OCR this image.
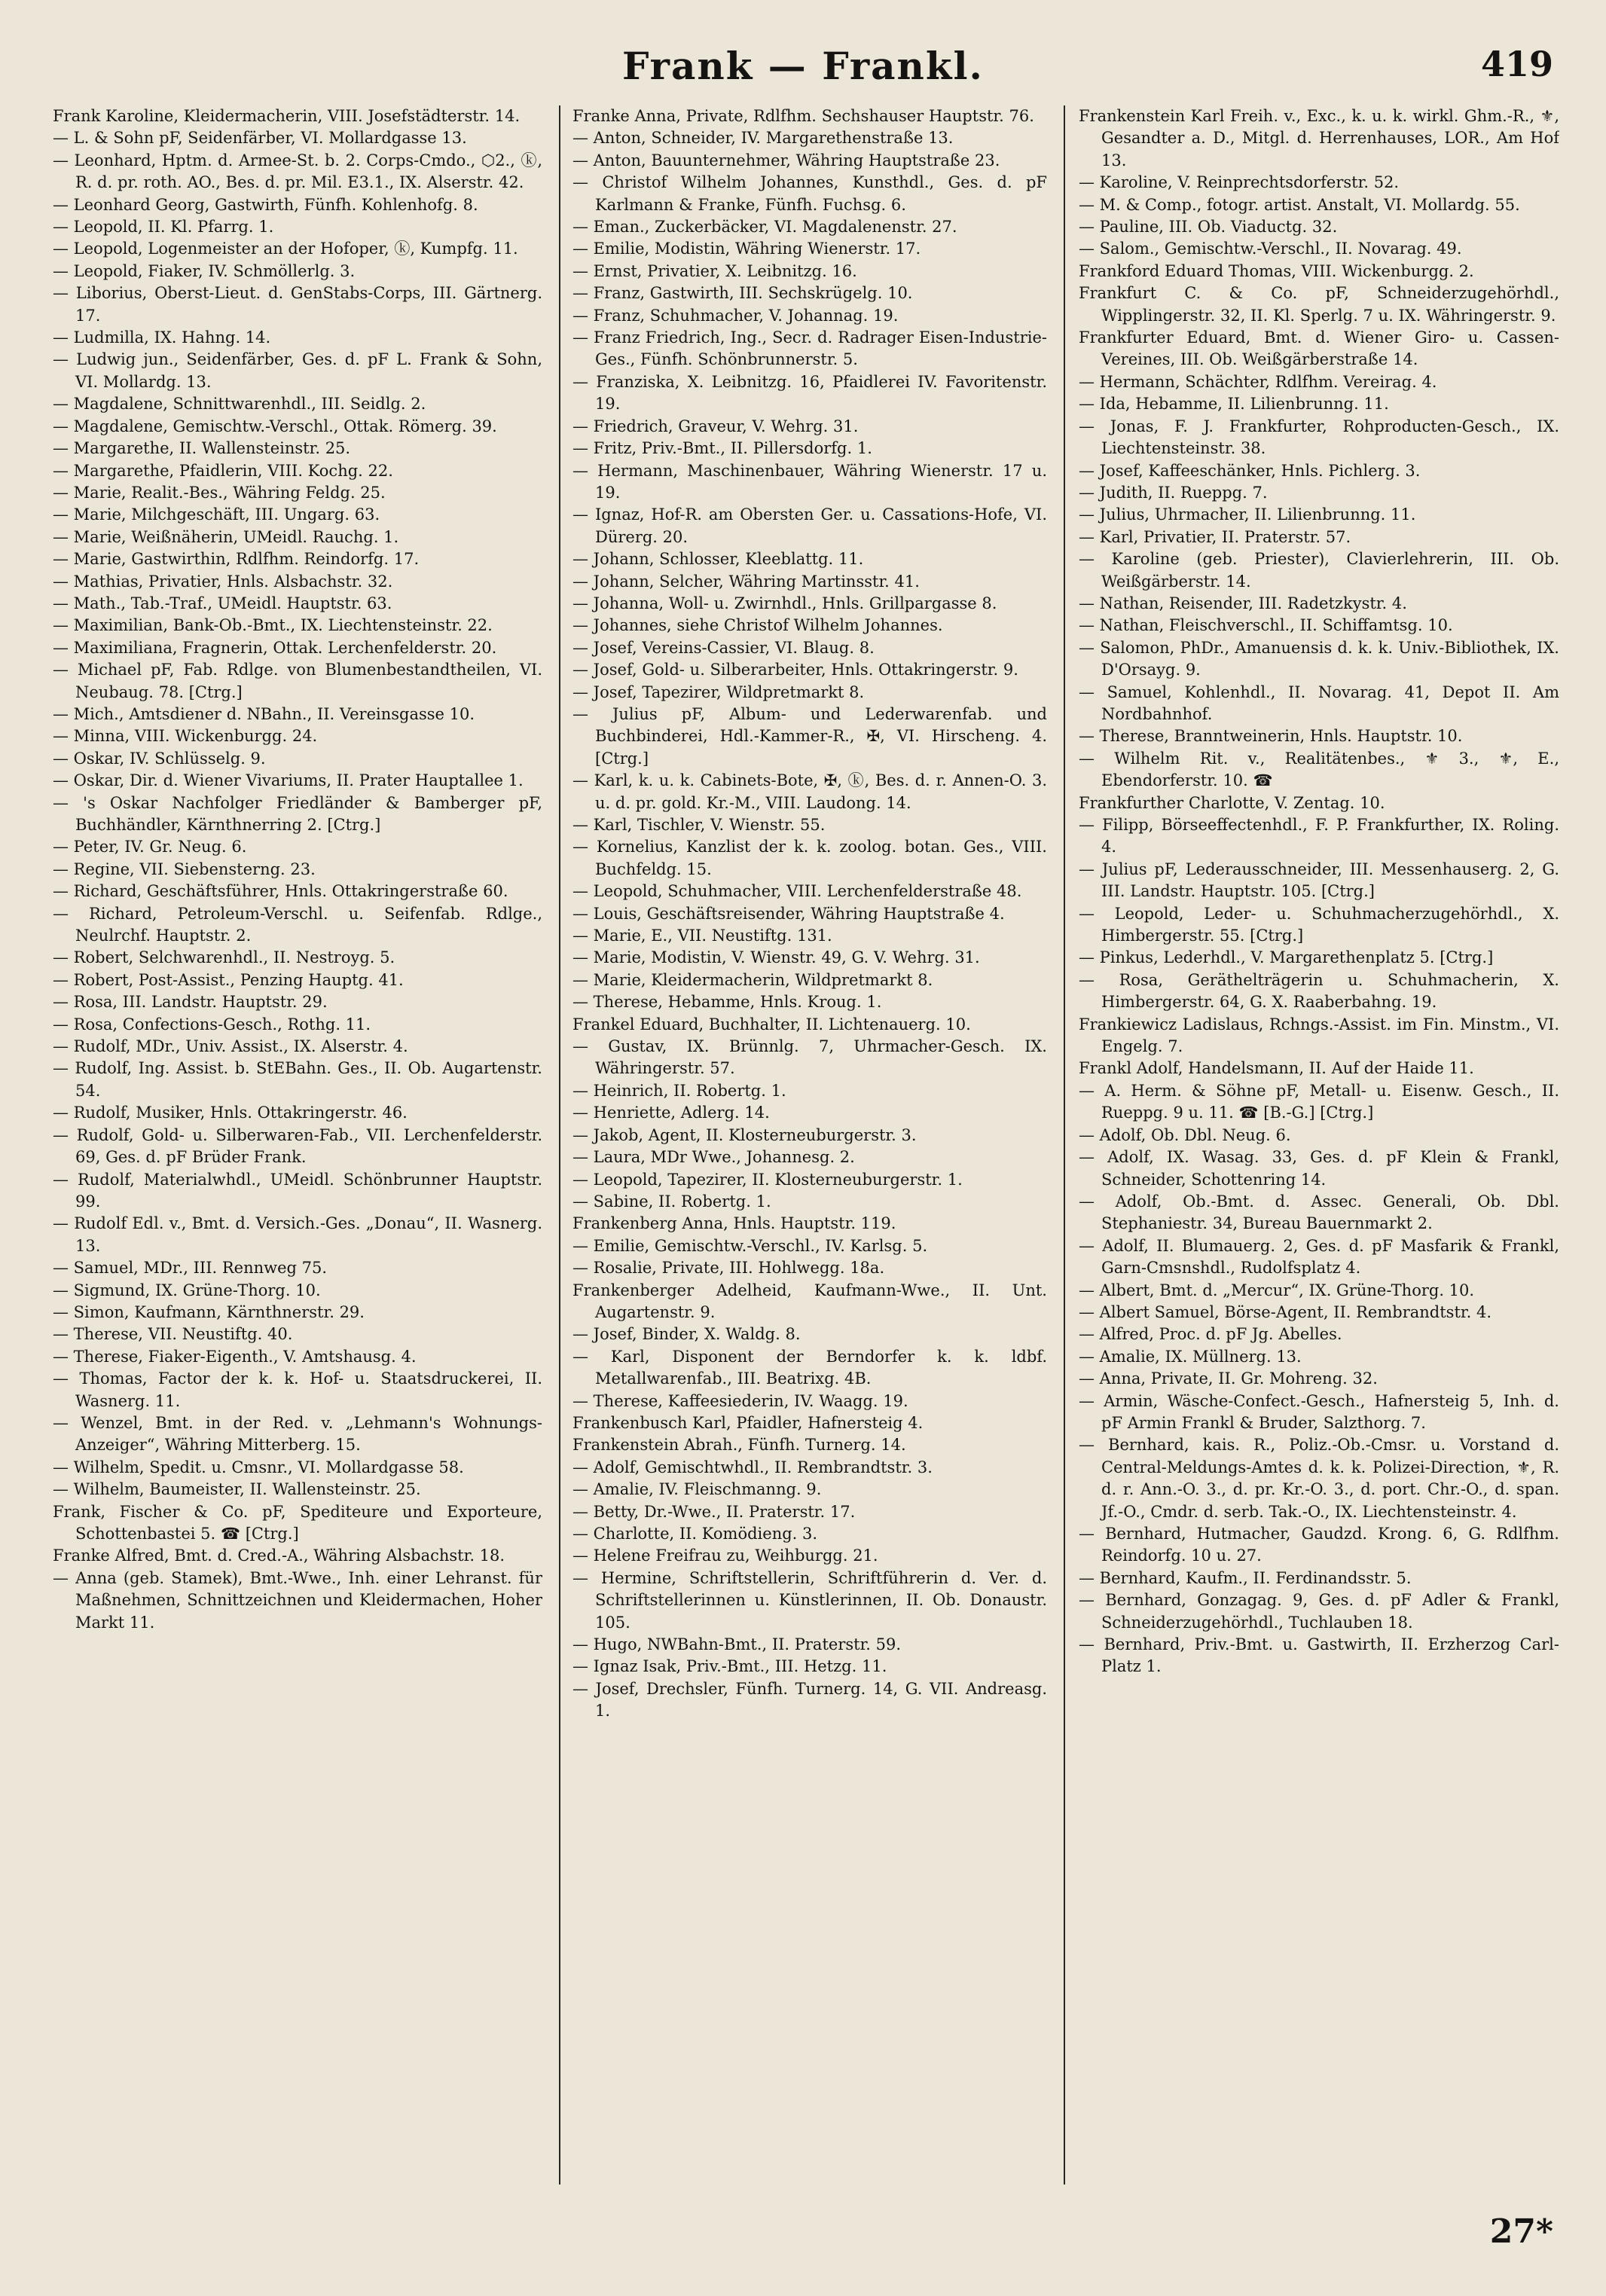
Frank — Frankl.	419
Frank Karoline, Kleidermacherin, VIII. Josefstädterstr. 14.
— L. & Sohn pF, Seidenfärber, VI. Mollardgasse 13.
— Leonhard, Hptm. d. Armee-St. b. 2. Corps-Cmdo., ⬡2., ⓚ, R. d. pr. roth. AO., Bes. d. pr. Mil. E3.1., IX. Alserstr. 42.
— Leonhard Georg, Gastwirth, Fünfh. Kohlenhofg. 8.
— Leopold, II. Kl. Pfarrg. 1.
— Leopold, Logenmeister an der Hofoper, ⓚ, Kumpfg. 11.
— Leopold, Fiaker, IV. Schmöllerlg. 3.
— Liborius, Oberst-Lieut. d. GenStabs-Corps, III. Gärtnerg. 17.
— Ludmilla, IX. Hahng. 14.
— Ludwig jun., Seidenfärber, Ges. d. pF L. Frank & Sohn, VI. Mollardg. 13.
— Magdalene, Schnittwarenhdl., III. Seidlg. 2.
— Magdalene, Gemischtw.-Verschl., Ottak. Römerg. 39.
— Margarethe, II. Wallensteinstr. 25.
— Margarethe, Pfaidlerin, VIII. Kochg. 22.
— Marie, Realit.-Bes., Währing Feldg. 25.
— Marie, Milchgeschäft, III. Ungarg. 63.
— Marie, Weißnäherin, UMeidl. Rauchg. 1.
— Marie, Gastwirthin, Rdlfhm. Reindorfg. 17.
— Mathias, Privatier, Hnls. Alsbachstr. 32.
— Math., Tab.-Traf., UMeidl. Hauptstr. 63.
— Maximilian, Bank-Ob.-Bmt., IX. Liechtensteinstr. 22.
— Maximiliana, Fragnerin, Ottak. Lerchenfelderstr. 20.
— Michael pF, Fab. Rdlge. von Blumenbestandtheilen, VI. Neubaug. 78. [Ctrg.]
— Mich., Amtsdiener d. NBahn., II. Vereinsgasse 10.
— Minna, VIII. Wickenburgg. 24.
— Oskar, IV. Schlüsselg. 9.
— Oskar, Dir. d. Wiener Vivariums, II. Prater Hauptallee 1.
— 's Oskar Nachfolger Friedländer & Bamberger pF, Buchhändler, Kärnthnerring 2. [Ctrg.]
— Peter, IV. Gr. Neug. 6.
— Regine, VII. Siebensterng. 23.
— Richard, Geschäftsführer, Hnls. Ottakringerstraße 60.
— Richard, Petroleum-Verschl. u. Seifenfab. Rdlge., Neulrchf. Hauptstr. 2.
— Robert, Selchwarenhdl., II. Nestroyg. 5.
— Robert, Post-Assist., Penzing Hauptg. 41.
— Rosa, III. Landstr. Hauptstr. 29.
— Rosa, Confections-Gesch., Rothg. 11.
— Rudolf, MDr., Univ. Assist., IX. Alserstr. 4.
— Rudolf, Ing. Assist. b. StEBahn. Ges., II. Ob. Augartenstr. 54.
— Rudolf, Musiker, Hnls. Ottakringerstr. 46.
— Rudolf, Gold- u. Silberwaren-Fab., VII. Lerchenfelderstr. 69, Ges. d. pF Brüder Frank.
— Rudolf, Materialwhdl., UMeidl. Schönbrunner Hauptstr. 99.
— Rudolf Edl. v., Bmt. d. Versich.-Ges. „Donau“, II. Wasnerg. 13.
— Samuel, MDr., III. Rennweg 75.
— Sigmund, IX. Grüne-Thorg. 10.
— Simon, Kaufmann, Kärnthnerstr. 29.
— Therese, VII. Neustiftg. 40.
— Therese, Fiaker-Eigenth., V. Amtshausg. 4.
— Thomas, Factor der k. k. Hof- u. Staatsdruckerei, II. Wasnerg. 11.
— Wenzel, Bmt. in der Red. v. „Lehmann's Wohnungs-Anzeiger“, Währing Mitterberg. 15.
— Wilhelm, Spedit. u. Cmsnr., VI. Mollardgasse 58.
— Wilhelm, Baumeister, II. Wallensteinstr. 25.
Frank, Fischer & Co. pF, Spediteure und Exporteure, Schottenbastei 5. ☎ [Ctrg.]
Franke Alfred, Bmt. d. Cred.-A., Währing Alsbachstr. 18.
— Anna (geb. Stamek), Bmt.-Wwe., Inh. einer Lehranst. für Maßnehmen, Schnittzeichnen und Kleidermachen, Hoher Markt 11.
Franke Anna, Private, Rdlfhm. Sechshauser Hauptstr. 76.
— Anton, Schneider, IV. Margarethenstraße 13.
— Anton, Bauunternehmer, Währing Hauptstraße 23.
— Christof Wilhelm Johannes, Kunsthdl., Ges. d. pF Karlmann & Franke, Fünfh. Fuchsg. 6.
— Eman., Zuckerbäcker, VI. Magdalenenstr. 27.
— Emilie, Modistin, Währing Wienerstr. 17.
— Ernst, Privatier, X. Leibnitzg. 16.
— Franz, Gastwirth, III. Sechskrügelg. 10.
— Franz, Schuhmacher, V. Johannag. 19.
— Franz Friedrich, Ing., Secr. d. Radrager Eisen-Industrie-Ges., Fünfh. Schönbrunnerstr. 5.
— Franziska, X. Leibnitzg. 16, Pfaidlerei IV. Favoritenstr. 19.
— Friedrich, Graveur, V. Wehrg. 31.
— Fritz, Priv.-Bmt., II. Pillersdorfg. 1.
— Hermann, Maschinenbauer, Währing Wienerstr. 17 u. 19.
— Ignaz, Hof-R. am Obersten Ger. u. Cassations-Hofe, VI. Dürerg. 20.
— Johann, Schlosser, Kleeblattg. 11.
— Johann, Selcher, Währing Martinsstr. 41.
— Johanna, Woll- u. Zwirnhdl., Hnls. Grillpargasse 8.
— Johannes, siehe Christof Wilhelm Johannes.
— Josef, Vereins-Cassier, VI. Blaug. 8.
— Josef, Gold- u. Silberarbeiter, Hnls. Ottakringerstr. 9.
— Josef, Tapezirer, Wildpretmarkt 8.
— Julius pF, Album- und Lederwarenfab. und Buchbinderei, Hdl.-Kammer-R., ✠, VI. Hirscheng. 4. [Ctrg.]
— Karl, k. u. k. Cabinets-Bote, ✠, ⓚ, Bes. d. r. Annen-O. 3. u. d. pr. gold. Kr.-M., VIII. Laudong. 14.
— Karl, Tischler, V. Wienstr. 55.
— Kornelius, Kanzlist der k. k. zoolog. botan. Ges., VIII. Buchfeldg. 15.
— Leopold, Schuhmacher, VIII. Lerchenfelderstraße 48.
— Louis, Geschäftsreisender, Währing Hauptstraße 4.
— Marie, E., VII. Neustiftg. 131.
— Marie, Modistin, V. Wienstr. 49, G. V. Wehrg. 31.
— Marie, Kleidermacherin, Wildpretmarkt 8.
— Therese, Hebamme, Hnls. Kroug. 1.
Frankel Eduard, Buchhalter, II. Lichtenauerg. 10.
— Gustav, IX. Brünnlg. 7, Uhrmacher-Gesch. IX. Währingerstr. 57.
— Heinrich, II. Robertg. 1.
— Henriette, Adlerg. 14.
— Jakob, Agent, II. Klosterneuburgerstr. 3.
— Laura, MDr Wwe., Johannesg. 2.
— Leopold, Tapezirer, II. Klosterneuburgerstr. 1.
— Sabine, II. Robertg. 1.
Frankenberg Anna, Hnls. Hauptstr. 119.
— Emilie, Gemischtw.-Verschl., IV. Karlsg. 5.
— Rosalie, Private, III. Hohlwegg. 18a.
Frankenberger Adelheid, Kaufmann-Wwe., II. Unt. Augartenstr. 9.
— Josef, Binder, X. Waldg. 8.
— Karl, Disponent der Berndorfer k. k. ldbf. Metallwarenfab., III. Beatrixg. 4B.
— Therese, Kaffeesiederin, IV. Waagg. 19.
Frankenbusch Karl, Pfaidler, Hafnersteig 4.
Frankenstein Abrah., Fünfh. Turnerg. 14.
— Adolf, Gemischtwhdl., II. Rembrandtstr. 3.
— Amalie, IV. Fleischmanng. 9.
— Betty, Dr.-Wwe., II. Praterstr. 17.
— Charlotte, II. Komödieng. 3.
— Helene Freifrau zu, Weihburgg. 21.
— Hermine, Schriftstellerin, Schriftführerin d. Ver. d. Schriftstellerinnen u. Künstlerinnen, II. Ob. Donaustr. 105.
— Hugo, NWBahn-Bmt., II. Praterstr. 59.
— Ignaz Isak, Priv.-Bmt., III. Hetzg. 11.
— Josef, Drechsler, Fünfh. Turnerg. 14, G. VII. Andreasg. 1.
Frankenstein Karl Freih. v., Exc., k. u. k. wirkl. Ghm.-R., ⚜, Gesandter a. D., Mitgl. d. Herrenhauses, LOR., Am Hof 13.
— Karoline, V. Reinprechtsdorferstr. 52.
— M. & Comp., fotogr. artist. Anstalt, VI. Mollardg. 55.
— Pauline, III. Ob. Viaductg. 32.
— Salom., Gemischtw.-Verschl., II. Novarag. 49.
Frankford Eduard Thomas, VIII. Wickenburgg. 2.
Frankfurt C. & Co. pF, Schneiderzugehörhdl., Wipplingerstr. 32, II. Kl. Sperlg. 7 u. IX. Währingerstr. 9.
Frankfurter Eduard, Bmt. d. Wiener Giro- u. Cassen-Vereines, III. Ob. Weißgärberstraße 14.
— Hermann, Schächter, Rdlfhm. Vereirag. 4.
— Ida, Hebamme, II. Lilienbrunng. 11.
— Jonas, F. J. Frankfurter, Rohproducten-Gesch., IX. Liechtensteinstr. 38.
— Josef, Kaffeeschänker, Hnls. Pichlerg. 3.
— Judith, II. Rueppg. 7.
— Julius, Uhrmacher, II. Lilienbrunng. 11.
— Karl, Privatier, II. Praterstr. 57.
— Karoline (geb. Priester), Clavierlehrerin, III. Ob. Weißgärberstr. 14.
— Nathan, Reisender, III. Radetzkystr. 4.
— Nathan, Fleischverschl., II. Schiffamtsg. 10.
— Salomon, PhDr., Amanuensis d. k. k. Univ.-Bibliothek, IX. D'Orsayg. 9.
— Samuel, Kohlenhdl., II. Novarag. 41, Depot II. Am Nordbahnhof.
— Therese, Branntweinerin, Hnls. Hauptstr. 10.
— Wilhelm Rit. v., Realitätenbes., ⚜ 3., ⚜, E., Ebendorferstr. 10. ☎
Frankfurther Charlotte, V. Zentag. 10.
— Filipp, Börseeffectenhdl., F. P. Frankfurther, IX. Roling. 4.
— Julius pF, Lederausschneider, III. Messenhauserg. 2, G. III. Landstr. Hauptstr. 105. [Ctrg.]
— Leopold, Leder- u. Schuhmacherzugehörhdl., X. Himbergerstr. 55. [Ctrg.]
— Pinkus, Lederhdl., V. Margarethenplatz 5. [Ctrg.]
— Rosa, Geräthelträgerin u. Schuhmacherin, X. Himbergerstr. 64, G. X. Raaberbahng. 19.
Frankiewicz Ladislaus, Rchngs.-Assist. im Fin. Minstm., VI. Engelg. 7.
Frankl Adolf, Handelsmann, II. Auf der Haide 11.
— A. Herm. & Söhne pF, Metall- u. Eisenw. Gesch., II. Rueppg. 9 u. 11. ☎ [B.-G.] [Ctrg.]
— Adolf, Ob. Dbl. Neug. 6.
— Adolf, IX. Wasag. 33, Ges. d. pF Klein & Frankl, Schneider, Schottenring 14.
— Adolf, Ob.-Bmt. d. Assec. Generali, Ob. Dbl. Stephaniestr. 34, Bureau Bauernmarkt 2.
— Adolf, II. Blumauerg. 2, Ges. d. pF Masfarik & Frankl, Garn-Cmsnshdl., Rudolfsplatz 4.
— Albert, Bmt. d. „Mercur“, IX. Grüne-Thorg. 10.
— Albert Samuel, Börse-Agent, II. Rembrandtstr. 4.
— Alfred, Proc. d. pF Jg. Abelles.
— Amalie, IX. Müllnerg. 13.
— Anna, Private, II. Gr. Mohreng. 32.
— Armin, Wäsche-Confect.-Gesch., Hafnersteig 5, Inh. d. pF Armin Frankl & Bruder, Salzthorg. 7.
— Bernhard, kais. R., Poliz.-Ob.-Cmsr. u. Vorstand d. Central-Meldungs-Amtes d. k. k. Polizei-Direction, ⚜, R. d. r. Ann.-O. 3., d. pr. Kr.-O. 3., d. port. Chr.-O., d. span. Jf.-O., Cmdr. d. serb. Tak.-O., IX. Liechtensteinstr. 4.
— Bernhard, Hutmacher, Gaudzd. Krong. 6, G. Rdlfhm. Reindorfg. 10 u. 27.
— Bernhard, Kaufm., II. Ferdinandsstr. 5.
— Bernhard, Gonzagag. 9, Ges. d. pF Adler & Frankl, Schneiderzugehörhdl., Tuchlauben 18.
— Bernhard, Priv.-Bmt. u. Gastwirth, II. Erzherzog Carl-Platz 1.
27*
